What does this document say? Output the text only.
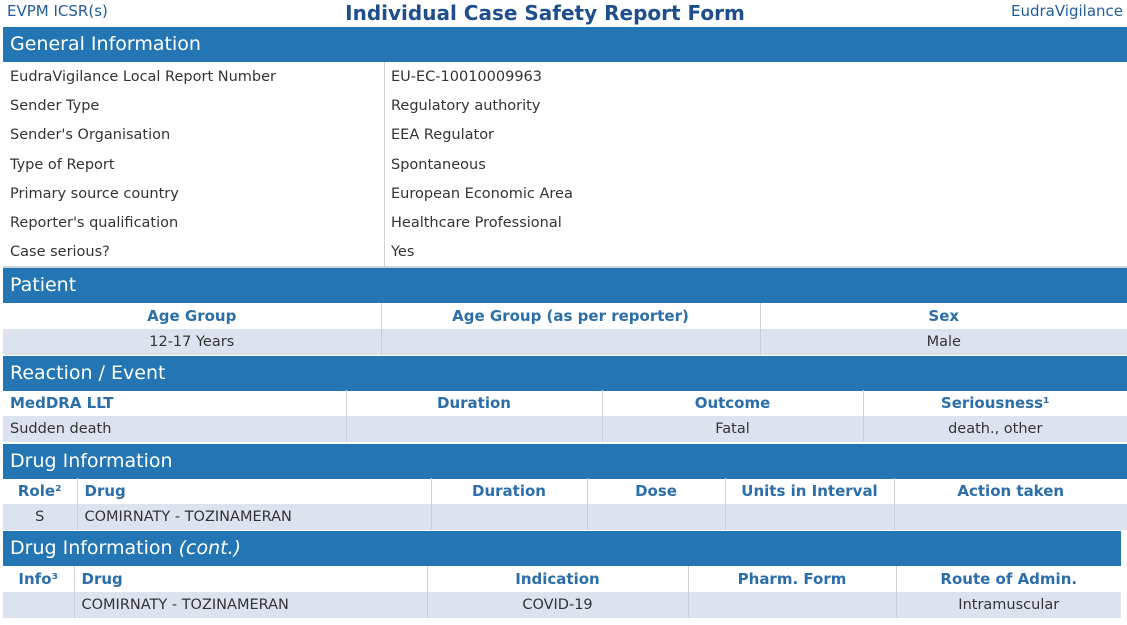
EVPM ICSR(s)	Individual Case Safety Report Form	EudraVigilance
General Information
EudraVigilance Local Report Number	EU-EC-10010009963
Sender Type	Regulatory authority
Sender's Organisation	EEA Regulator
Type of Report	Spontaneous
Primary source country	European Economic Area
Reporter's qualification	Healthcare Professional
Case serious?	Yes
Patient
Age Group	Age Group (as per reporter)	Sex
12-17 Years		Male
Reaction / Event
MedDRA LLT	Duration	Outcome	Seriousness¹
Sudden death		Fatal	death., other
Drug Information
Role²	Drug	Duration	Dose	Units in Interval	Action taken
S	COMIRNATY - TOZINAMERAN				
Drug Information (cont.)
Info³	Drug	Indication	Pharm. Form	Route of Admin.
	COMIRNATY - TOZINAMERAN	COVID-19		Intramuscular
